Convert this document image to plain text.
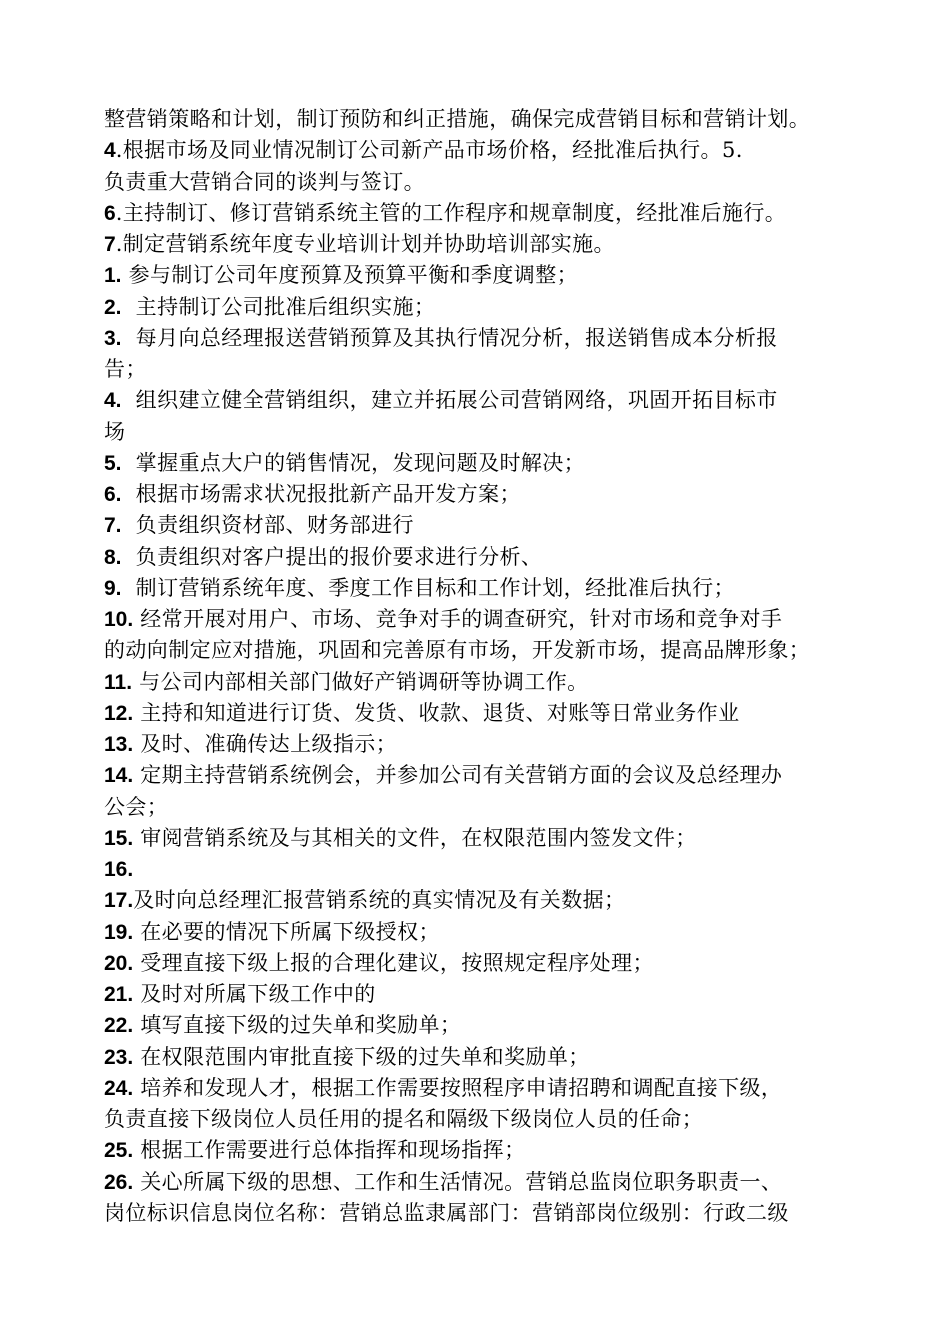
整营销策略和计划，制订预防和纠正措施，确保完成营销目标和营销计划。
4.根据市场及同业情况制订公司新产品市场价格，经批准后执行。5.
负责重大营销合同的谈判与签订。
6.主持制订、修订营销系统主管的工作程序和规章制度，经批准后施行。
7.制定营销系统年度专业培训计划并协助培训部实施。
1. 参与制订公司年度预算及预算平衡和季度调整；
2.  主持制订公司批准后组织实施；
3.  每月向总经理报送营销预算及其执行情况分析，报送销售成本分析报
告；
4.  组织建立健全营销组织，建立并拓展公司营销网络，巩固开拓目标市
场
5.  掌握重点大户的销售情况，发现问题及时解决；
6.  根据市场需求状况报批新产品开发方案；
7.  负责组织资材部、财务部进行
8.  负责组织对客户提出的报价要求进行分析、
9.  制订营销系统年度、季度工作目标和工作计划，经批准后执行；
10. 经常开展对用户、市场、竞争对手的调查研究，针对市场和竞争对手
的动向制定应对措施，巩固和完善原有市场，开发新市场，提高品牌形象；
11. 与公司内部相关部门做好产销调研等协调工作。
12. 主持和知道进行订货、发货、收款、退货、对账等日常业务作业
13. 及时、准确传达上级指示；
14. 定期主持营销系统例会，并参加公司有关营销方面的会议及总经理办
公会；
15. 审阅营销系统及与其相关的文件，在权限范围内签发文件；
16.
17.及时向总经理汇报营销系统的真实情况及有关数据；
19. 在必要的情况下所属下级授权；
20. 受理直接下级上报的合理化建议，按照规定程序处理；
21. 及时对所属下级工作中的
22. 填写直接下级的过失单和奖励单；
23. 在权限范围内审批直接下级的过失单和奖励单；
24. 培养和发现人才，根据工作需要按照程序申请招聘和调配直接下级，
负责直接下级岗位人员任用的提名和隔级下级岗位人员的任命；
25. 根据工作需要进行总体指挥和现场指挥；
26. 关心所属下级的思想、工作和生活情况。营销总监岗位职务职责一、
岗位标识信息岗位名称：营销总监隶属部门：营销部岗位级别：行政二级
